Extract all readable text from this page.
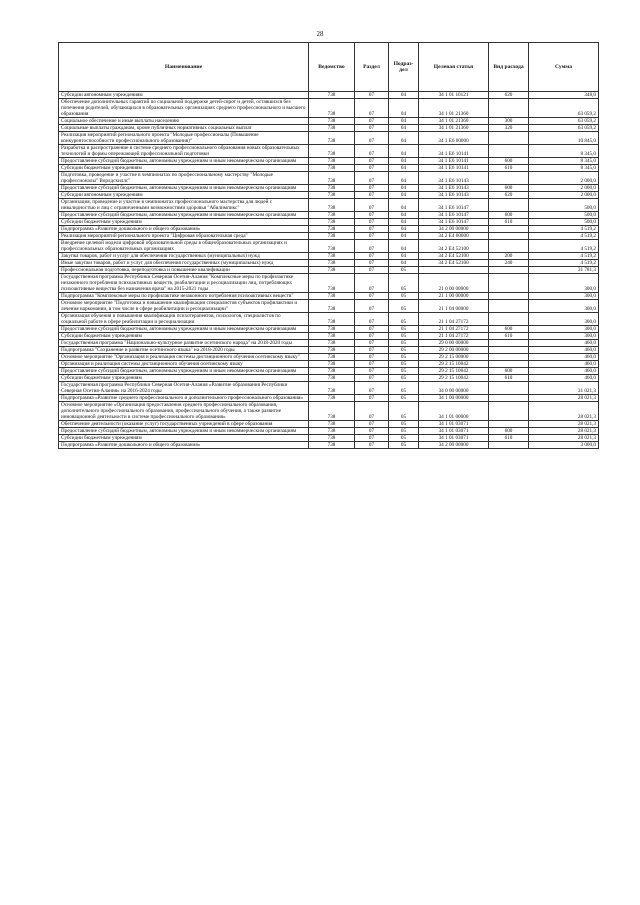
28
Наименование	Ведомство	Раздел	Подраз-дел	Целевая статья	Вид расхода	Сумма
Субсидии автономным учреждениям	738	07	04	34 1 01 10121	620	348,0
Обеспечение дополнительных гарантий по социальной поддержке детей-сирот и детей, оставшихся без попечения родителей, обучающихся в образовательных организациях среднего профессионального и высшего образования	738	07	04	34 1 01 21360		63 059,2
Социальное обеспечение и иные выплаты населению	738	07	04	34 1 01 21360	300	63 059,2
Социальные выплаты гражданам, кроме публичных нормативных социальных выплат	738	07	04	34 1 01 21360	320	63 059,2
Реализация мероприятий регионального проекта "Молодые профессионалы (Повышение конкурентоспособности профессионального образования)"	738	07	04	34 1 E6 00000		10 845,0
Разработка и распространение в системе среднего профессионального образования новых образовательных технологий и формы опережающей профессиональной подготовки	738	07	04	34 1 E6 10141		8 345,0
Предоставление субсидий бюджетным, автономным учреждениям и иным некоммерческим организациям	738	07	04	34 1 E6 10141	600	8 345,0
Субсидии бюджетным учреждениям	738	07	04	34 1 E6 10141	610	8 345,0
Подготовка, проведение и участие в чемпионатах по профессиональному мастерству "Молодые профессионалы" Ворлдскиллс"	738	07	04	34 1 E6 10143		2 000,0
Предоставление субсидий бюджетным, автономным учреждениям и иным некоммерческим организациям	738	07	04	34 1 E6 10143	600	2 000,0
Субсидии автономным учреждениям	738	07	04	34 1 E6 10143	620	2 000,0
Организация, проведение и участие в чемпионатах профессионального мастерства для людей с инвалидностью и лиц с ограниченными возможностями здоровья "Абилимпикс"	738	07	04	34 1 E6 10147		500,0
Предоставление субсидий бюджетным, автономным учреждениям и иным некоммерческим организациям	738	07	04	34 1 E6 10147	600	500,0
Субсидии бюджетным учреждениям	738	07	04	34 1 E6 10147	610	500,0
Подпрограмма «Развитие дошкольного и общего образования»	738	07	04	34 2 00 00000		4 519,2
Реализация мероприятий регионального проекта "Цифровая образовательная среда"	738	07	04	34 2 E4 00000		4 519,2
Внедрение целевой модели цифровой образовательной среды в общеобразовательных организациях и профессиональных образовательных организациях	738	07	04	34 2 E4 52100		4 519,2
Закупка товаров, работ и услуг для обеспечения государственных (муниципальных) нужд	738	07	04	34 2 E4 52100	200	4 519,2
Иные закупки товаров, работ и услуг для обеспечения государственных (муниципальных) нужд	738	07	04	34 2 E4 52100	240	4 519,2
Профессиональная подготовка, переподготовка и повышение квалификации	738	07	05			31 781,3
Государственная программа Республики Северная Осетия-Алания "Комплексные меры по профилактике незаконного потребления психоактивных веществ, реабилитации и ресоциализации лиц, потребляющих психоактивные вещества без назначения врача" на 2015-2021 годы	738	07	05	21 0 00 00000		300,0
Подпрограмма "Комплексные меры по профилактике незаконного потребления психоактивных веществ"	738	07	05	21 1 00 00000		300,0
Основное мероприятие "Подготовка и повышение квалификации специалистов субъектов профилактики и лечения наркомании, в том числе в сфере реабилитации и ресоциализации"	738	07	05	21 1 04 00000		300,0
Организация обучения и повышения квалификации психотерапевтов, психологов, специалистов по социальной работе в сфере реабилитации и ресоциализации	738	07	05	21 1 04 27172		300,0
Предоставление субсидий бюджетным, автономным учреждениям и иным некоммерческим организациям	738	07	05	21 1 04 27172	600	300,0
Субсидии бюджетным учреждениям	738	07	05	21 1 04 27172	610	300,0
Государственная программа "Национально-культурное развитие осетинского народа" на 2018-2020 годы	738	07	05	29 0 00 00000		460,0
Подпрограмма "Сохранение и развитие осетинского языка" на 2018-2020 годы	738	07	05	29 2 00 00000		460,0
Основное мероприятие "Организация и реализация системы дистанционного обучения осетинскому языку"	738	07	05	29 2 15 00000		460,0
Организация и реализация системы дистанционного обучения осетинскому языку	738	07	05	29 2 15 10042		460,0
Предоставление субсидий бюджетным, автономным учреждениям и иным некоммерческим организациям	738	07	05	29 2 15 10042	600	460,0
Субсидии бюджетным учреждениям	738	07	05	29 2 15 10042	610	460,0
Государственная программа Республики Северная Осетия-Алания «Развитие образования Республики Северная Осетия-Алания» на 2016-2024 годы	738	07	05	34 0 00 00000		31 021,3
Подпрограмма «Развитие среднего профессионального и дополнительного профессионального образования»	738	07	05	34 1 00 00000		28 021,3
Основное мероприятие «Организация предоставления среднего профессионального образования, дополнительного профессионального образования, профессионального обучения, а также развитие инновационной деятельности в системе профессионального образования»	738	07	05	34 1 01 00000		28 021,3
Обеспечение деятельности (оказание услуг) государственных учреждений в сфере образования	738	07	05	34 1 01 03071		28 021,3
Предоставление субсидий бюджетным, автономным учреждениям и иным некоммерческим организациям	738	07	05	34 1 01 03071	600	28 021,3
Субсидии бюджетным учреждениям	738	07	05	34 1 01 03071	610	28 021,3
Подпрограмма «Развитие дошкольного и общего образования»	738	07	05	34 2 00 00000		3 000,0
